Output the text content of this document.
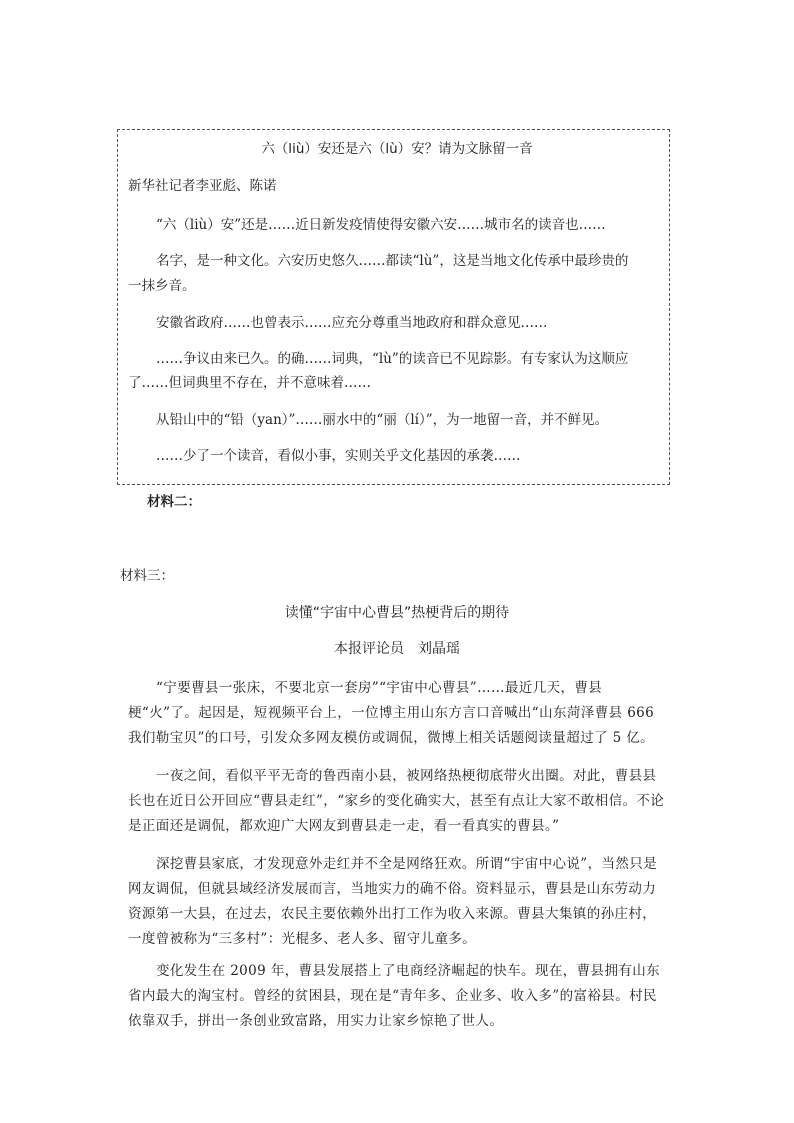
六（liù）安还是六（lù）安？请为文脉留一音
新华社记者李亚彪、陈诺
“六（liù）安”还是……近日新发疫情使得安徽六安……城市名的读音也……
名字，是一种文化。六安历史悠久……都读“lù”，这是当地文化传承中最珍贵的
一抹乡音。
安徽省政府……也曾表示……应充分尊重当地政府和群众意见……
……争议由来已久。的确……词典，“lù”的读音已不见踪影。有专家认为这顺应
了……但词典里不存在，并不意味着……
从铅山中的“铅（yan）”……丽水中的“丽（lí）”，为一地留一音，并不鲜见。
……少了一个读音，看似小事，实则关乎文化基因的承袭……
材料二：
材料三：
读懂“宇宙中心曹县”热梗背后的期待
本报评论员　刘晶瑶

“宁要曹县一张床，不要北京一套房”“宇宙中心曹县”……最近几天，曹县梗“火”了。起因是，短视频平台上，一位博主用山东方言口音喊出“山东菏泽曹县 666　我们勒宝贝”的口号，引发众多网友模仿或调侃，微博上相关话题阅读量超过了 5 亿。

一夜之间，看似平平无奇的鲁西南小县，被网络热梗彻底带火出圈。对此，曹县县长也在近日公开回应“曹县走红”，“家乡的变化确实大，甚至有点让大家不敢相信。不论是正面还是调侃，都欢迎广大网友到曹县走一走，看一看真实的曹县。”

深挖曹县家底，才发现意外走红并不全是网络狂欢。所谓“宇宙中心说”，当然只是网友调侃，但就县域经济发展而言，当地实力的确不俗。资料显示，曹县是山东劳动力资源第一大县，在过去，农民主要依赖外出打工作为收入来源。曹县大集镇的孙庄村，一度曾被称为“三多村”：光棍多、老人多、留守儿童多。

变化发生在 2009 年，曹县发展搭上了电商经济崛起的快车。现在，曹县拥有山东省内最大的淘宝村。曾经的贫困县，现在是“青年多、企业多、收入多”的富裕县。村民依靠双手，拼出一条创业致富路，用实力让家乡惊艳了世人。
